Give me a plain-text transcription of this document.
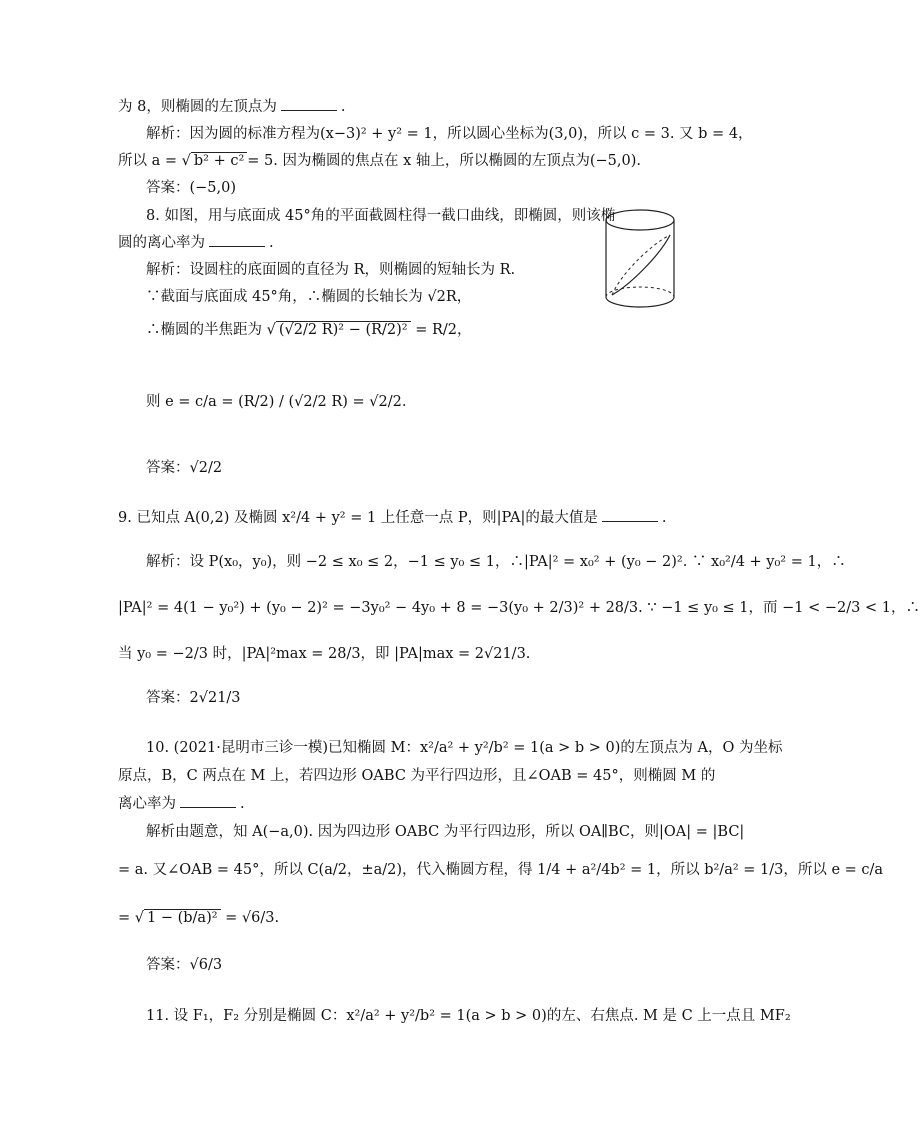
为 8，则椭圆的左顶点为	.
解析：因为圆的标准方程为(x−3)² + y² = 1，所以圆心坐标为(3,0)，所以 c = 3. 又 b = 4，
所以 a = √ b² + c² = 5. 因为椭圆的焦点在 x 轴上，所以椭圆的左顶点为(−5,0).
答案：(−5,0)
8. 如图，用与底面成 45°角的平面截圆柱得一截口曲线，即椭圆，则该椭
圆的离心率为	.
解析：设圆柱的底面圆的直径为 R，则椭圆的短轴长为 R.
∵截面与底面成 45°角，∴椭圆的长轴长为 √2R，
∴椭圆的半焦距为 √ (√2/2 R)² − (R/2)² = R/2，
则 e = c/a = (R/2) / (√2/2 R) = √2/2.
答案：√2/2
9. 已知点 A(0,2) 及椭圆 x²/4 + y² = 1 上任意一点 P，则|PA|的最大值是	.
解析：设 P(x₀，y₀)，则 −2 ≤ x₀ ≤ 2，−1 ≤ y₀ ≤ 1，∴|PA|² = x₀² + (y₀ − 2)². ∵ x₀²/4 + y₀² = 1，∴
|PA|² = 4(1 − y₀²) + (y₀ − 2)² = −3y₀² − 4y₀ + 8 = −3(y₀ + 2/3)² + 28/3. ∵ −1 ≤ y₀ ≤ 1，而 −1 < −2/3 < 1，∴
当 y₀ = −2/3 时，|PA|²max = 28/3，即 |PA|max = 2√21/3.
答案：2√21/3
10. (2021·昆明市三诊一模)已知椭圆 M：x²/a² + y²/b² = 1(a > b > 0)的左顶点为 A，O 为坐标
原点，B，C 两点在 M 上，若四边形 OABC 为平行四边形，且∠OAB = 45°，则椭圆 M 的
离心率为	.
解析由题意，知 A(−a,0). 因为四边形 OABC 为平行四边形，所以 OA∥BC，则|OA| = |BC|
= a. 又∠OAB = 45°，所以 C(a/2，±a/2)，代入椭圆方程，得 1/4 + a²/4b² = 1，所以 b²/a² = 1/3，所以 e = c/a
= √ 1 − (b/a)² = √6/3.
答案：√6/3
11. 设 F₁，F₂ 分别是椭圆 C：x²/a² + y²/b² = 1(a > b > 0)的左、右焦点. M 是 C 上一点且 MF₂
